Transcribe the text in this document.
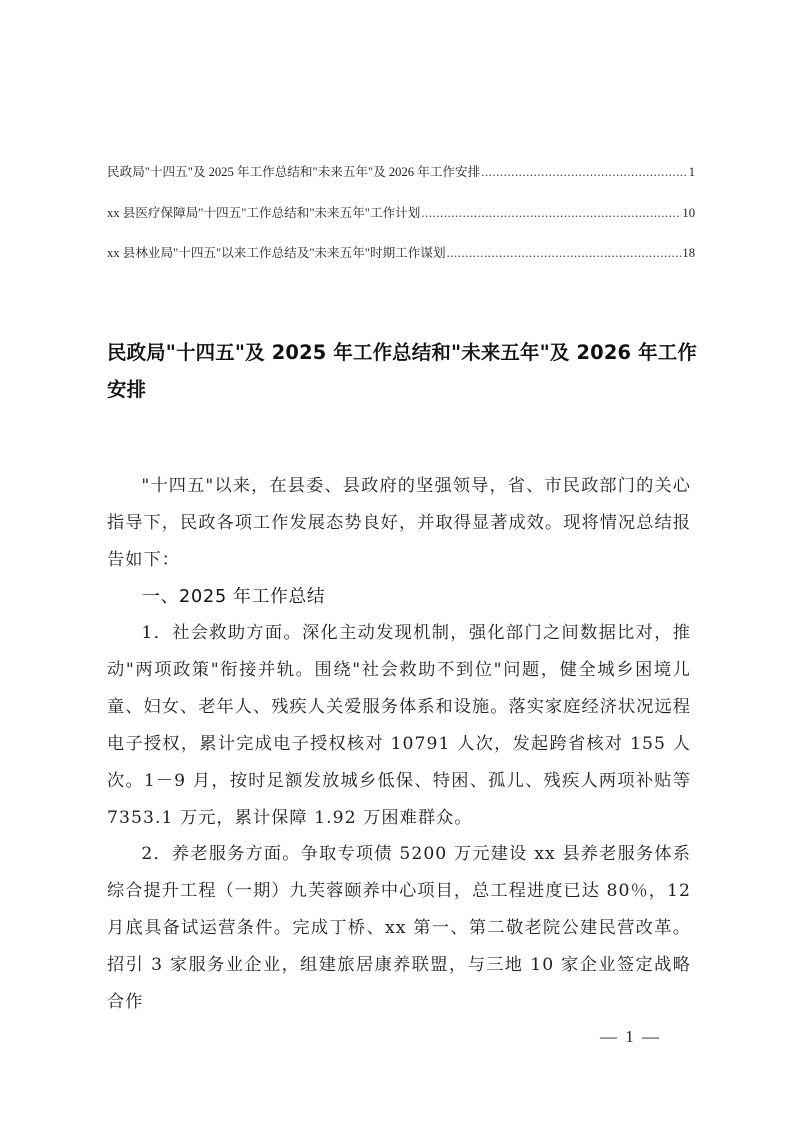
民政局"十四五"及 2025 年工作总结和"未来五年"及 2026 年工作安排 .....	1
xx 县医疗保障局"十四五"工作总结和"未来五年"工作计划 .....	10
xx 县林业局"十四五"以来工作总结及"未来五年"时期工作谋划 .....	18
民政局"十四五"及 2025 年工作总结和"未来五年"及 2026 年工作安排

"十四五"以来，在县委、县政府的坚强领导，省、市民政部门的关心指导下，民政各项工作发展态势良好，并取得显著成效。现将情况总结报告如下：

一、2025 年工作总结

1．社会救助方面。深化主动发现机制，强化部门之间数据比对，推动"两项政策"衔接并轨。围绕"社会救助不到位"问题，健全城乡困境儿童、妇女、老年人、残疾人关爱服务体系和设施。落实家庭经济状况远程电子授权，累计完成电子授权核对 10791 人次，发起跨省核对 155 人次。1－9 月，按时足额发放城乡低保、特困、孤儿、残疾人两项补贴等 7353.1 万元，累计保障 1.92 万困难群众。

2．养老服务方面。争取专项债 5200 万元建设 xx 县养老服务体系综合提升工程（一期）九芙蓉颐养中心项目，总工程进度已达 80％，12 月底具备试运营条件。完成丁桥、xx 第一、第二敬老院公建民营改革。招引 3 家服务业企业，组建旅居康养联盟，与三地 10 家企业签定战略合作

— 1 —
